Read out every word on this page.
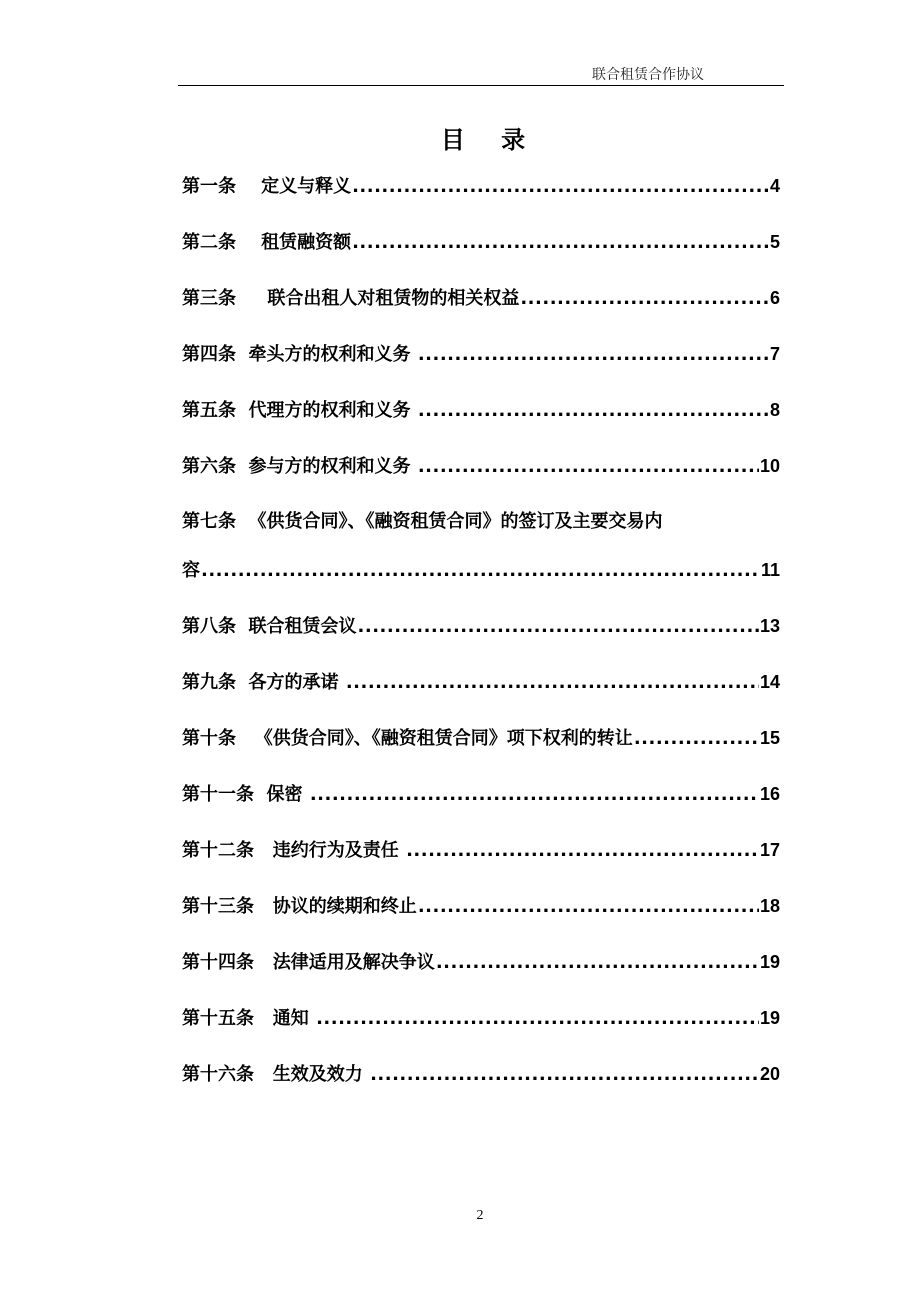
联合租赁合作协议
目 录
第一条    定义与释义 .....	4
第二条    租赁融资额 .....	5
第三条     联合出租人对租赁物的相关权益 .....	6
第四条  牵头方的权利和义务 .....	7
第五条  代理方的权利和义务 .....	8
第六条  参与方的权利和义务 .....	10
第七条  《供货合同》、《融资租赁合同》的签订及主要交易内
容 .....	11
第八条  联合租赁会议 .....	13
第九条  各方的承诺 .....	14
第十条   《供货合同》、《融资租赁合同》项下权利的转让 .....	15
第十一条  保密 .....	16
第十二条   违约行为及责任 .....	17
第十三条   协议的续期和终止 .....	18
第十四条   法律适用及解决争议 .....	19
第十五条   通知 .....	19
第十六条   生效及效力 .....	20
2
